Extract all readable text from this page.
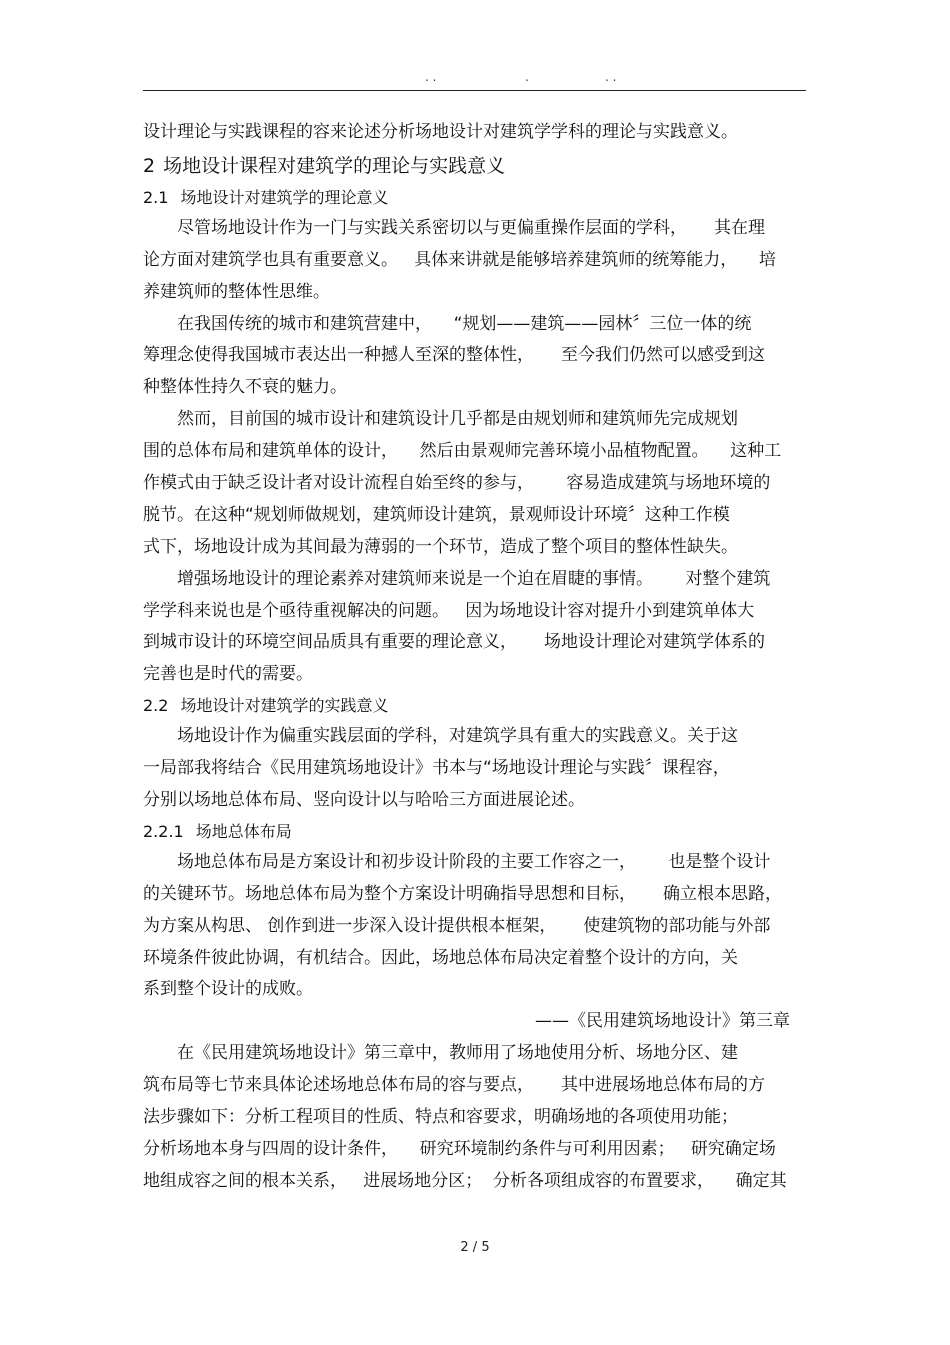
. .	.	. .
设计理论与实践课程的容来论述分析场地设计对建筑学学科的理论与实践意义。
2 场地设计课程对建筑学的理论与实践意义
2.1 场地设计对建筑学的理论意义
尽管场地设计作为一门与实践关系密切以与更偏重操作层面的学科，     其在理
论方面对建筑学也具有重要意义。   具体来讲就是能够培养建筑师的统筹能力，    培
养建筑师的整体性思维。
在我国传统的城市和建筑营建中，    “规划——建筑——园林〞三位一体的统
筹理念使得我国城市表达出一种撼人至深的整体性，     至今我们仍然可以感受到这
种整体性持久不衰的魅力。
然而，目前国的城市设计和建筑设计几乎都是由规划师和建筑师先完成规划
围的总体布局和建筑单体的设计，    然后由景观师完善环境小品植物配置。    这种工
作模式由于缺乏设计者对设计流程自始至终的参与，      容易造成建筑与场地环境的
脱节。在这种“规划师做规划，建筑师设计建筑，景观师设计环境〞这种工作模
式下，场地设计成为其间最为薄弱的一个环节，造成了整个项目的整体性缺失。
增强场地设计的理论素养对建筑师来说是一个迫在眉睫的事情。      对整个建筑
学学科来说也是个亟待重视解决的问题。   因为场地设计容对提升小到建筑单体大
到城市设计的环境空间品质具有重要的理论意义，     场地设计理论对建筑学体系的
完善也是时代的需要。
2.2 场地设计对建筑学的实践意义
场地设计作为偏重实践层面的学科，对建筑学具有重大的实践意义。关于这
一局部我将结合《民用建筑场地设计》书本与“场地设计理论与实践〞课程容，
分别以场地总体布局、竖向设计以与哈哈三方面进展论述。
2.2.1 场地总体布局
场地总体布局是方案设计和初步设计阶段的主要工作容之一，      也是整个设计
的关键环节。场地总体布局为整个方案设计明确指导思想和目标，     确立根本思路，
为方案从构思、 创作到进一步深入设计提供根本框架，     使建筑物的部功能与外部
环境条件彼此协调，有机结合。因此，场地总体布局决定着整个设计的方向，关
系到整个设计的成败。
——《民用建筑场地设计》第三章
在《民用建筑场地设计》第三章中，教师用了场地使用分析、场地分区、建
筑布局等七节来具体论述场地总体布局的容与要点，     其中进展场地总体布局的方
法步骤如下：分析工程项目的性质、特点和容要求，明确场地的各项使用功能；
分析场地本身与四周的设计条件，    研究环境制约条件与可利用因素；   研究确定场
地组成容之间的根本关系，   进展场地分区；  分析各项组成容的布置要求，    确定其
2 / 5
